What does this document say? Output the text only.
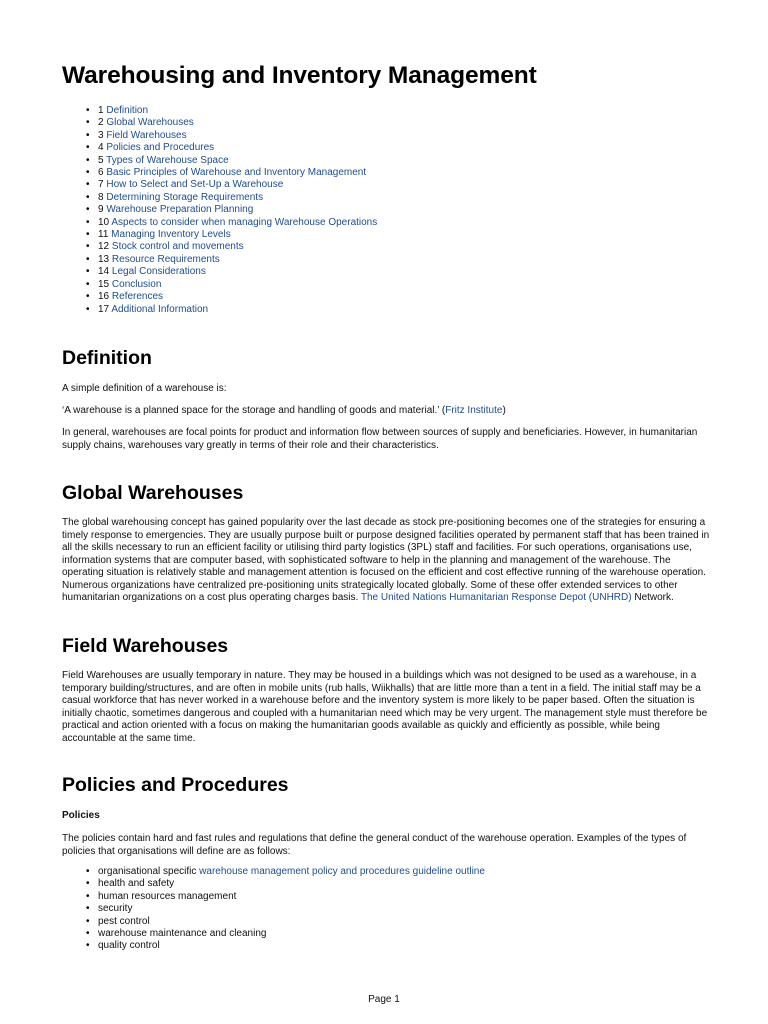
Warehousing and Inventory Management
• 1 Definition
• 2 Global Warehouses
• 3 Field Warehouses
• 4 Policies and Procedures
• 5 Types of Warehouse Space
• 6 Basic Principles of Warehouse and Inventory Management
• 7 How to Select and Set-Up a Warehouse
• 8 Determining Storage Requirements
• 9 Warehouse Preparation Planning
• 10 Aspects to consider when managing Warehouse Operations
• 11 Managing Inventory Levels
• 12 Stock control and movements
• 13 Resource Requirements
• 14 Legal Considerations
• 15 Conclusion
• 16 References
• 17 Additional Information
Definition

A simple definition of a warehouse is:

‘A warehouse is a planned space for the storage and handling of goods and material.’ (Fritz Institute)

In general, warehouses are focal points for product and information flow between sources of supply and beneficiaries. However, in humanitarian supply chains, warehouses vary greatly in terms of their role and their characteristics.

Global Warehouses

The global warehousing concept has gained popularity over the last decade as stock pre-positioning becomes one of the strategies for ensuring a timely response to emergencies. They are usually purpose built or purpose designed facilities operated by permanent staff that has been trained in all the skills necessary to run an efficient facility or utilising third party logistics (3PL) staff and facilities. For such operations, organisations use, information systems that are computer based, with sophisticated software to help in the planning and management of the warehouse. The operating situation is relatively stable and management attention is focused on the efficient and cost effective running of the warehouse operation. Numerous organizations have centralized pre-positioning units strategically located globally. Some of these offer extended services to other humanitarian organizations on a cost plus operating charges basis. The United Nations Humanitarian Response Depot (UNHRD) Network.

Field Warehouses

Field Warehouses are usually temporary in nature. They may be housed in a buildings which was not designed to be used as a warehouse, in a temporary building/structures, and are often in mobile units (rub halls, Wiikhalls) that are little more than a tent in a field. The initial staff may be a casual workforce that has never worked in a warehouse before and the inventory system is more likely to be paper based. Often the situation is initially chaotic, sometimes dangerous and coupled with a humanitarian need which may be very urgent. The management style must therefore be practical and action oriented with a focus on making the humanitarian goods available as quickly and efficiently as possible, while being accountable at the same time.

Policies and Procedures

Policies

The policies contain hard and fast rules and regulations that define the general conduct of the warehouse operation. Examples of the types of policies that organisations will define are as follows:

• organisational specific warehouse management policy and procedures guideline outline
• health and safety
• human resources management
• security
• pest control
• warehouse maintenance and cleaning
• quality control
Page 1
